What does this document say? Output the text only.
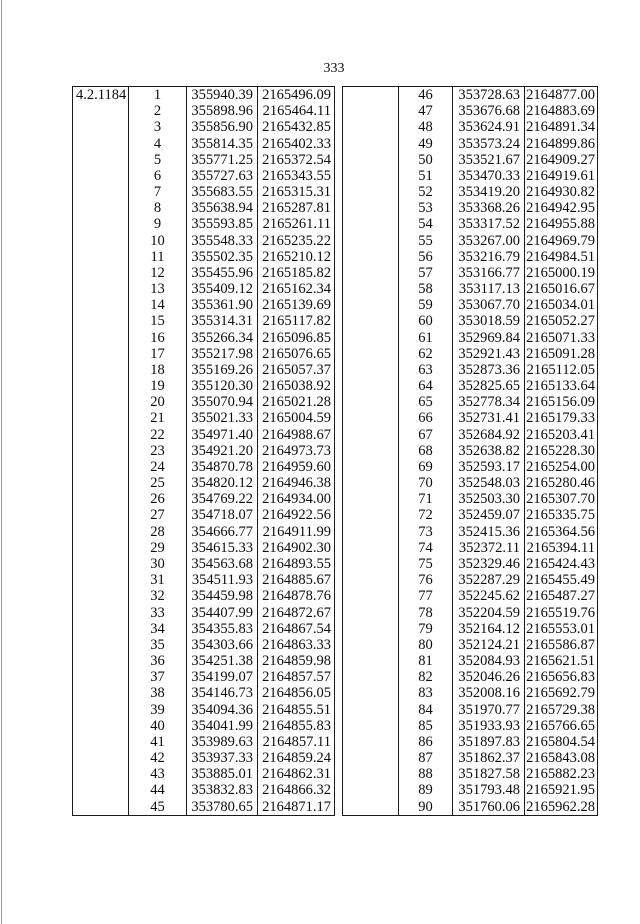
333
4.2.1184	1	355940.39 2165496.09
2	355898.96 2165464.11
3	355856.90 2165432.85
4	355814.35 2165402.33
5	355771.25 2165372.54
6	355727.63 2165343.55
7	355683.55 2165315.31
8	355638.94 2165287.81
9	355593.85 2165261.11
10	355548.33 2165235.22
11	355502.35 2165210.12
12	355455.96 2165185.82
13	355409.12 2165162.34
14	355361.90 2165139.69
15	355314.31 2165117.82
16	355266.34 2165096.85
17	355217.98 2165076.65
18	355169.26 2165057.37
19	355120.30 2165038.92
20	355070.94 2165021.28
21	355021.33 2165004.59
22	354971.40 2164988.67
23	354921.20 2164973.73
24	354870.78 2164959.60
25	354820.12 2164946.38
26	354769.22 2164934.00
27	354718.07 2164922.56
28	354666.77 2164911.99
29	354615.33 2164902.30
30	354563.68 2164893.55
31	354511.93 2164885.67
32	354459.98 2164878.76
33	354407.99 2164872.67
34	354355.83 2164867.54
35	354303.66 2164863.33
36	354251.38 2164859.98
37	354199.07 2164857.57
38	354146.73 2164856.05
39	354094.36 2164855.51
40	354041.99 2164855.83
41	353989.63 2164857.11
42	353937.33 2164859.24
43	353885.01 2164862.31
44	353832.83 2164866.32
45	353780.65 2164871.17
46	353728.63 2164877.00
47	353676.68 2164883.69
48	353624.91 2164891.34
49	353573.24 2164899.86
50	353521.67 2164909.27
51	353470.33 2164919.61
52	353419.20 2164930.82
53	353368.26 2164942.95
54	353317.52 2164955.88
55	353267.00 2164969.79
56	353216.79 2164984.51
57	353166.77 2165000.19
58	353117.13 2165016.67
59	353067.70 2165034.01
60	353018.59 2165052.27
61	352969.84 2165071.33
62	352921.43 2165091.28
63	352873.36 2165112.05
64	352825.65 2165133.64
65	352778.34 2165156.09
66	352731.41 2165179.33
67	352684.92 2165203.41
68	352638.82 2165228.30
69	352593.17 2165254.00
70	352548.03 2165280.46
71	352503.30 2165307.70
72	352459.07 2165335.75
73	352415.36 2165364.56
74	352372.11 2165394.11
75	352329.46 2165424.43
76	352287.29 2165455.49
77	352245.62 2165487.27
78	352204.59 2165519.76
79	352164.12 2165553.01
80	352124.21 2165586.87
81	352084.93 2165621.51
82	352046.26 2165656.83
83	352008.16 2165692.79
84	351970.77 2165729.38
85	351933.93 2165766.65
86	351897.83 2165804.54
87	351862.37 2165843.08
88	351827.58 2165882.23
89	351793.48 2165921.95
90	351760.06 2165962.28
